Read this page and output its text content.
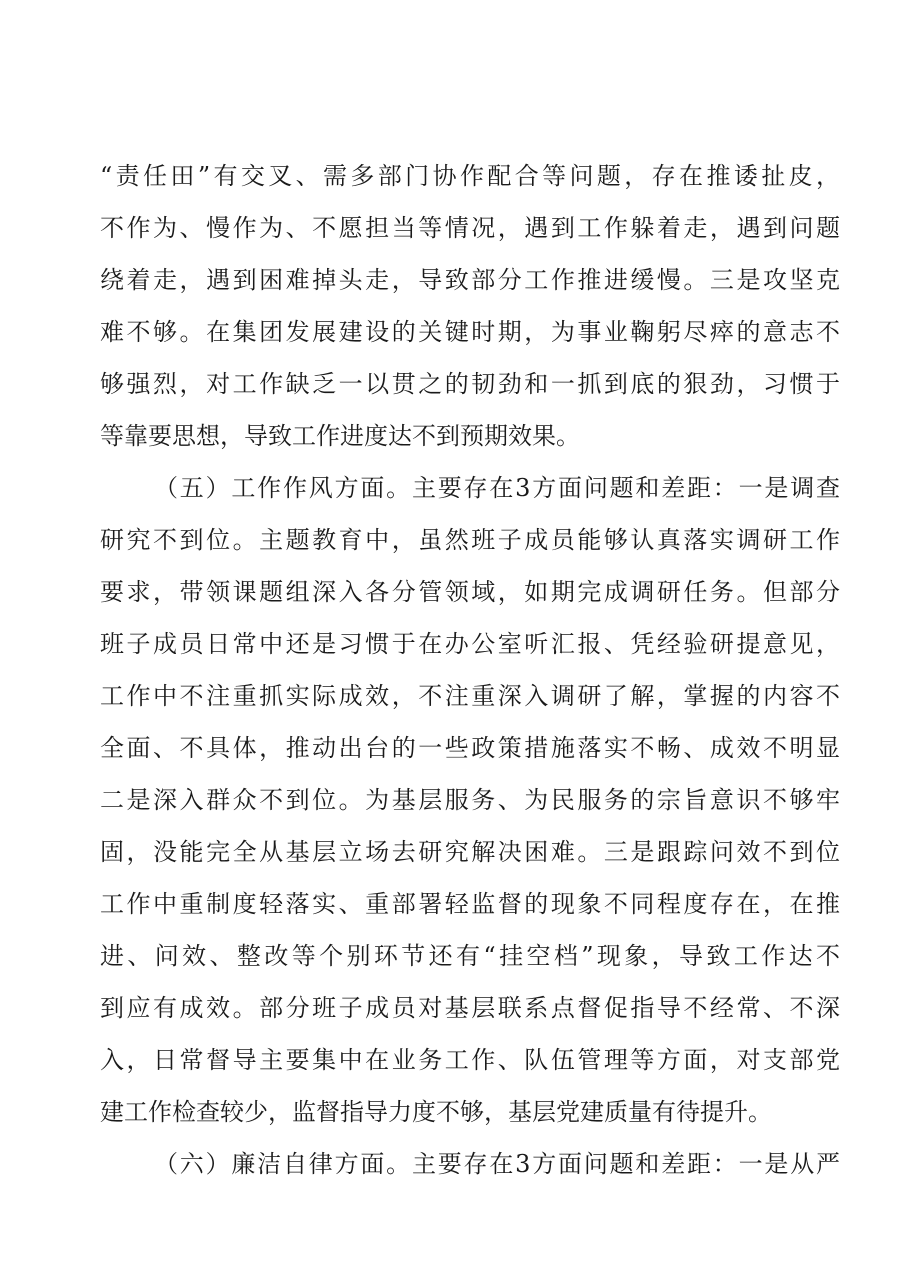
“责任田”有交叉、需多部门协作配合等问题，存在推诿扯皮，
不作为、慢作为、不愿担当等情况，遇到工作躲着走，遇到问题
绕着走，遇到困难掉头走，导致部分工作推进缓慢。三是攻坚克
难不够。在集团发展建设的关键时期，为事业鞠躬尽瘁的意志不
够强烈，对工作缺乏一以贯之的韧劲和一抓到底的狠劲，习惯于
等靠要思想，导致工作进度达不到预期效果。
（五）工作作风方面。主要存在3方面问题和差距：一是调查
研究不到位。主题教育中，虽然班子成员能够认真落实调研工作
要求，带领课题组深入各分管领域，如期完成调研任务。但部分
班子成员日常中还是习惯于在办公室听汇报、凭经验研提意见，
工作中不注重抓实际成效，不注重深入调研了解，掌握的内容不
全面、不具体，推动出台的一些政策措施落实不畅、成效不明显
二是深入群众不到位。为基层服务、为民服务的宗旨意识不够牢
固，没能完全从基层立场去研究解决困难。三是跟踪问效不到位
工作中重制度轻落实、重部署轻监督的现象不同程度存在，在推
进、问效、整改等个别环节还有“挂空档”现象，导致工作达不
到应有成效。部分班子成员对基层联系点督促指导不经常、不深
入，日常督导主要集中在业务工作、队伍管理等方面，对支部党
建工作检查较少，监督指导力度不够，基层党建质量有待提升。
（六）廉洁自律方面。主要存在3方面问题和差距：一是从严
